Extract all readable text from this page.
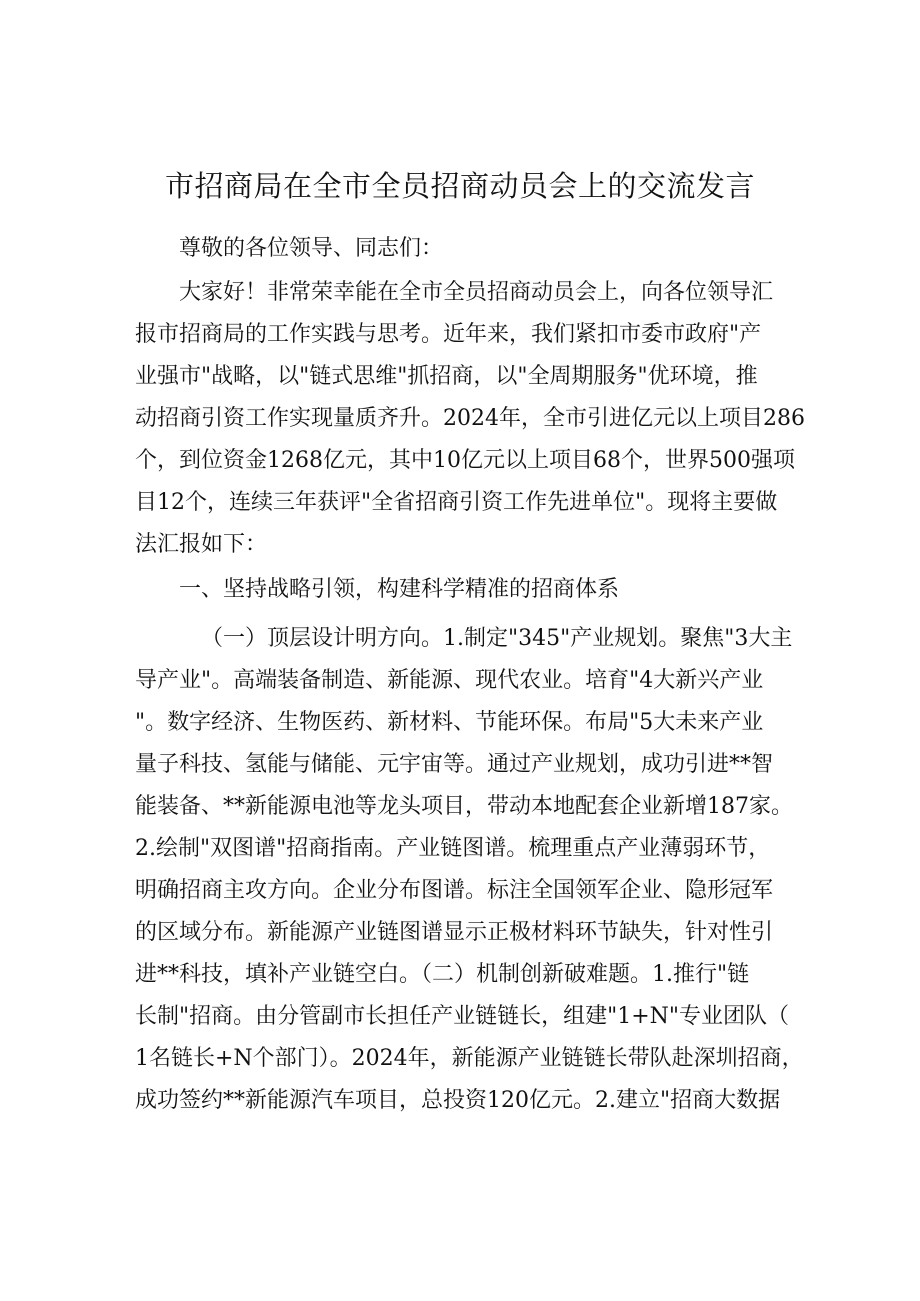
市招商局在全市全员招商动员会上的交流发言

尊敬的各位领导、同志们：

大家好！非常荣幸能在全市全员招商动员会上，向各位领导汇
报市招商局的工作实践与思考。近年来，我们紧扣市委市政府"产
业强市"战略，以"链式思维"抓招商，以"全周期服务"优环境，推
动招商引资工作实现量质齐升。2024年，全市引进亿元以上项目286
个，到位资金1268亿元，其中10亿元以上项目68个，世界500强项
目12个，连续三年获评"全省招商引资工作先进单位"。现将主要做
法汇报如下：

一、坚持战略引领，构建科学精准的招商体系

（一）顶层设计明方向。1.制定"345"产业规划。聚焦"3大主
导产业"。高端装备制造、新能源、现代农业。培育"4大新兴产业
"。数字经济、生物医药、新材料、节能环保。布局"5大未来产业
量子科技、氢能与储能、元宇宙等。通过产业规划，成功引进**智
能装备、**新能源电池等龙头项目，带动本地配套企业新增187家。
2.绘制"双图谱"招商指南。产业链图谱。梳理重点产业薄弱环节，
明确招商主攻方向。企业分布图谱。标注全国领军企业、隐形冠军
的区域分布。新能源产业链图谱显示正极材料环节缺失，针对性引
进**科技，填补产业链空白。（二）机制创新破难题。1.推行"链
长制"招商。由分管副市长担任产业链链长，组建"1+N"专业团队（
1名链长+N个部门）。2024年，新能源产业链链长带队赴深圳招商，
成功签约**新能源汽车项目，总投资120亿元。2.建立"招商大数据
